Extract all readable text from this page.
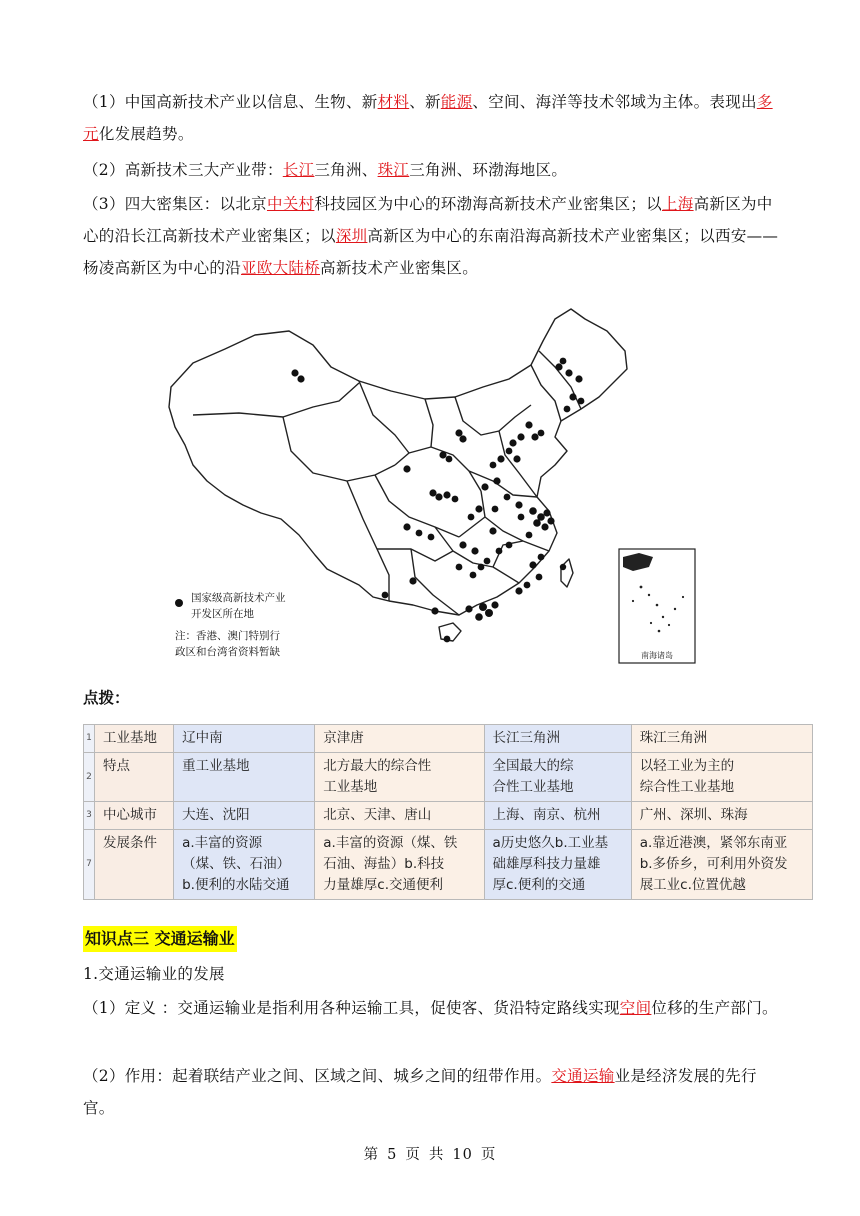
（1）中国高新技术产业以信息、生物、新材料、新能源、空间、海洋等技术邻域为主体。表现出多元化发展趋势。
（2）高新技术三大产业带：长江三角洲、珠江三角洲、环渤海地区。
（3）四大密集区：以北京中关村科技园区为中心的环渤海高新技术产业密集区；以上海高新区为中心的沿长江高新技术产业密集区；以深圳高新区为中心的东南沿海高新技术产业密集区；以西安——杨凌高新区为中心的沿亚欧大陆桥高新技术产业密集区。
南海诸岛
国家级高新技术产业 开发区所在地
注：香港、澳门特别行 政区和台湾省资料暂缺
点拨：
1	工业基地	辽中南	京津唐	长江三角洲	珠江三角洲
2	特点	重工业基地	北方最大的综合性
工业基地	全国最大的综
合性工业基地	以轻工业为主的
综合性工业基地
3	中心城市	大连、沈阳	北京、天津、唐山	上海、南京、杭州	广州、深圳、珠海
7	发展条件	a.丰富的资源
（煤、铁、石油）
b.便利的水陆交通	a.丰富的资源（煤、铁
石油、海盐）b.科技
力量雄厚c.交通便利	a历史悠久b.工业基
础雄厚科技力量雄
厚c.便利的交通	a.靠近港澳，紧邻东南亚
b.多侨乡，可利用外资发
展工业c.位置优越
知识点三 交通运输业
1.交通运输业的发展
（1）定义 ：交通运输业是指利用各种运输工具，促使客、货沿特定路线实现空间位移的生产部门。
（2）作用：起着联结产业之间、区域之间、城乡之间的纽带作用。交通运输业是经济发展的先行官。
第 5 页 共 10 页
